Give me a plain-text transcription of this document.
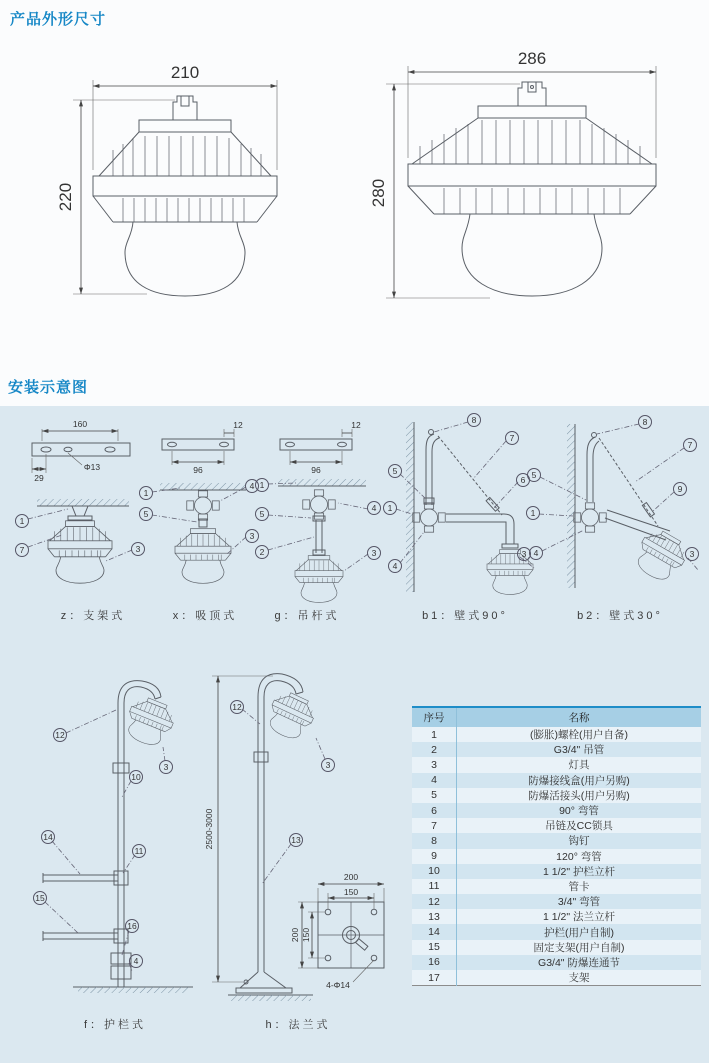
产品外形尺寸
210
220
286
280
安装示意图
160
Φ13
29
1
7	3
z：支架式
12
96
1
5
4
3
x：吸顶式
12
96
1
5
2
4
3
g：吊杆式
8
7
5
6
1
4
3
b1：壁式90°
8
7
9
5
1
4	3
b2：壁式30°
12
3
10
14
11
15
16
4
f：护栏式
2500-3000
12
3
13
200
150
200 150
4-Φ14
h：法兰式
序号	名称
1	(膨胀)螺栓(用户自备)
2	G3/4" 吊管
3	灯具
4	防爆接线盒(用户另购)
5	防爆活接头(用户另购)
6	90° 弯管
7	吊链及CC锁具
8	钩钉
9	120° 弯管
10	1 1/2" 护栏立杆
11	管卡
12	3/4" 弯管
13	1 1/2" 法兰立杆
14	护栏(用户自制)
15	固定支架(用户自制)
16	G3/4" 防爆连通节
17	支架
